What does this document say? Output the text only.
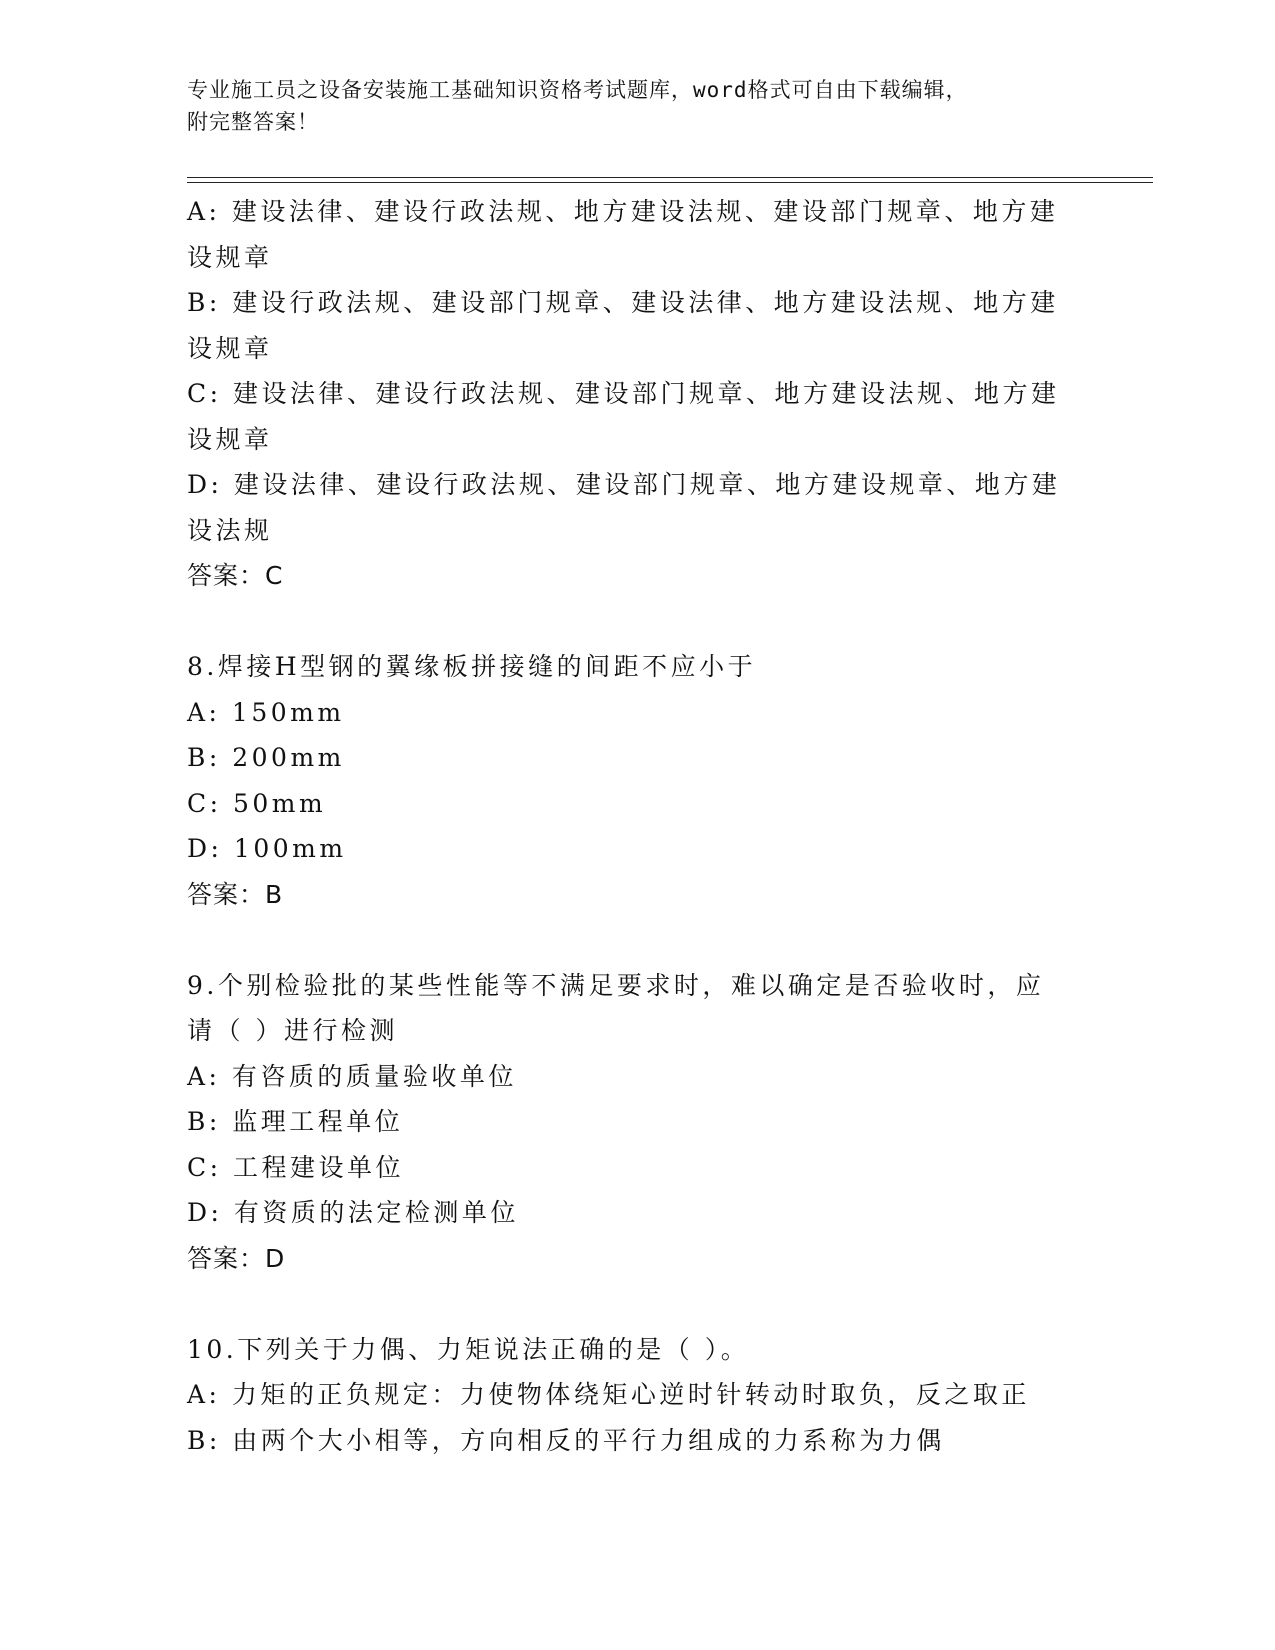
专业施工员之设备安装施工基础知识资格考试题库，word格式可自由下载编辑，
附完整答案！
A: 建设法律、建设行政法规、地方建设法规、建设部门规章、地方建
设规章
B: 建设行政法规、建设部门规章、建设法律、地方建设法规、地方建
设规章
C: 建设法律、建设行政法规、建设部门规章、地方建设法规、地方建
设规章
D: 建设法律、建设行政法规、建设部门规章、地方建设规章、地方建
设法规
答案：C
8.焊接H型钢的翼缘板拼接缝的间距不应小于
A: 150mm
B: 200mm
C: 50mm
D: 100mm
答案：B
9.个别检验批的某些性能等不满足要求时，难以确定是否验收时，应
请（ ）进行检测
A: 有咨质的质量验收单位
B: 监理工程单位
C: 工程建设单位
D: 有资质的法定检测单位
答案：D
10.下列关于力偶、力矩说法正确的是（ ）。
A: 力矩的正负规定：力使物体绕矩心逆时针转动时取负，反之取正
B: 由两个大小相等，方向相反的平行力组成的力系称为力偶
